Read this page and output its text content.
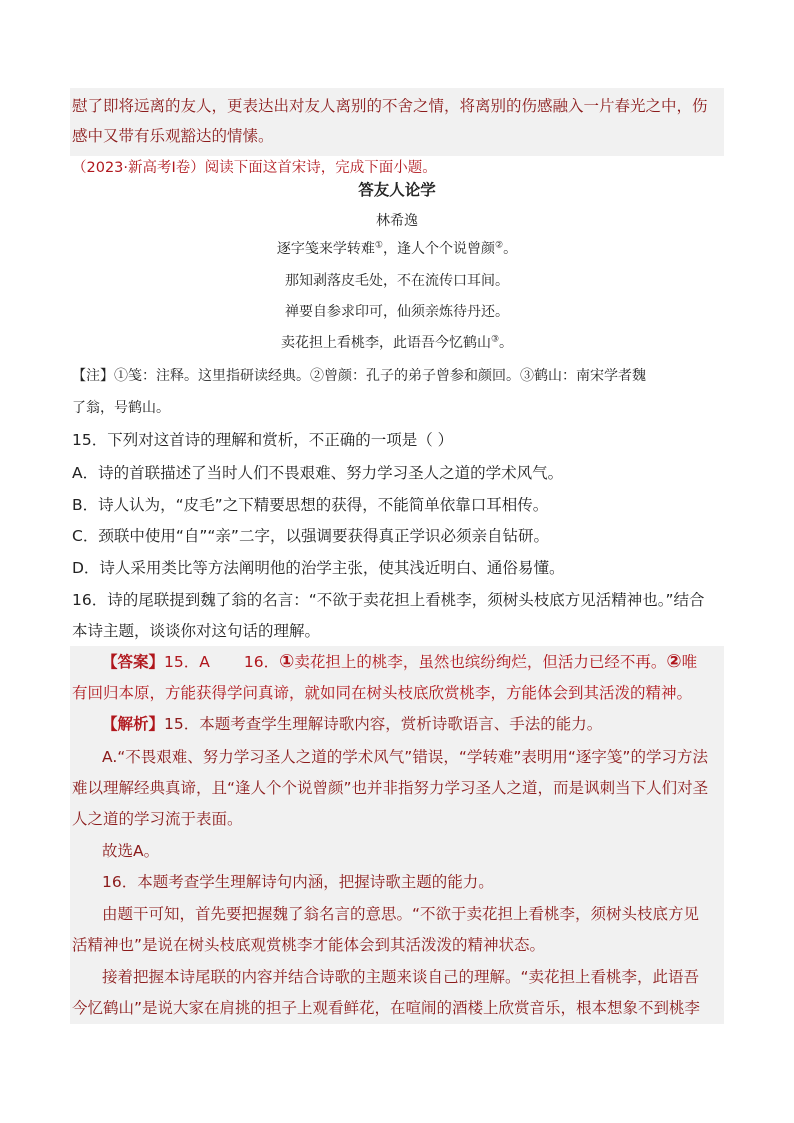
慰了即将远离的友人，更表达出对友人离别的不舍之情，将离别的伤感融入一片春光之中，伤
感中又带有乐观豁达的情愫。
（2023·新高考Ⅰ卷）阅读下面这首宋诗，完成下面小题。
答友人论学
林希逸
逐字笺来学转难①，逢人个个说曾颜②。
那知剥落皮毛处，不在流传口耳间。
禅要自参求印可，仙须亲炼待丹还。
卖花担上看桃李，此语吾今忆鹤山③。
【注】①笺：注释。这里指研读经典。②曾颜：孔子的弟子曾参和颜回。③鹤山：南宋学者魏
了翁，号鹤山。
15．下列对这首诗的理解和赏析，不正确的一项是（ ）
A．诗的首联描述了当时人们不畏艰难、努力学习圣人之道的学术风气。
B．诗人认为，“皮毛”之下精要思想的获得，不能简单依靠口耳相传。
C．颈联中使用“自”“亲”二字，以强调要获得真正学识必须亲自钻研。
D．诗人采用类比等方法阐明他的治学主张，使其浅近明白、通俗易懂。
16．诗的尾联提到魏了翁的名言：“不欲于卖花担上看桃李，须树头枝底方见活精神也。”结合
本诗主题，谈谈你对这句话的理解。
【答案】15．A 16．①卖花担上的桃李，虽然也缤纷绚烂，但活力已经不再。②唯
有回归本原，方能获得学问真谛，就如同在树头枝底欣赏桃李，方能体会到其活泼的精神。
【解析】15．本题考查学生理解诗歌内容，赏析诗歌语言、手法的能力。
A.“不畏艰难、努力学习圣人之道的学术风气”错误，“学转难”表明用“逐字笺”的学习方法
难以理解经典真谛，且“逢人个个说曾颜”也并非指努力学习圣人之道，而是讽刺当下人们对圣
人之道的学习流于表面。
故选A。
16．本题考查学生理解诗句内涵，把握诗歌主题的能力。
由题干可知，首先要把握魏了翁名言的意思。“不欲于卖花担上看桃李，须树头枝底方见
活精神也”是说在树头枝底观赏桃李才能体会到其活泼泼的精神状态。
接着把握本诗尾联的内容并结合诗歌的主题来谈自己的理解。“卖花担上看桃李，此语吾
今忆鹤山”是说大家在肩挑的担子上观看鲜花，在喧闹的酒楼上欣赏音乐，根本想象不到桃李
